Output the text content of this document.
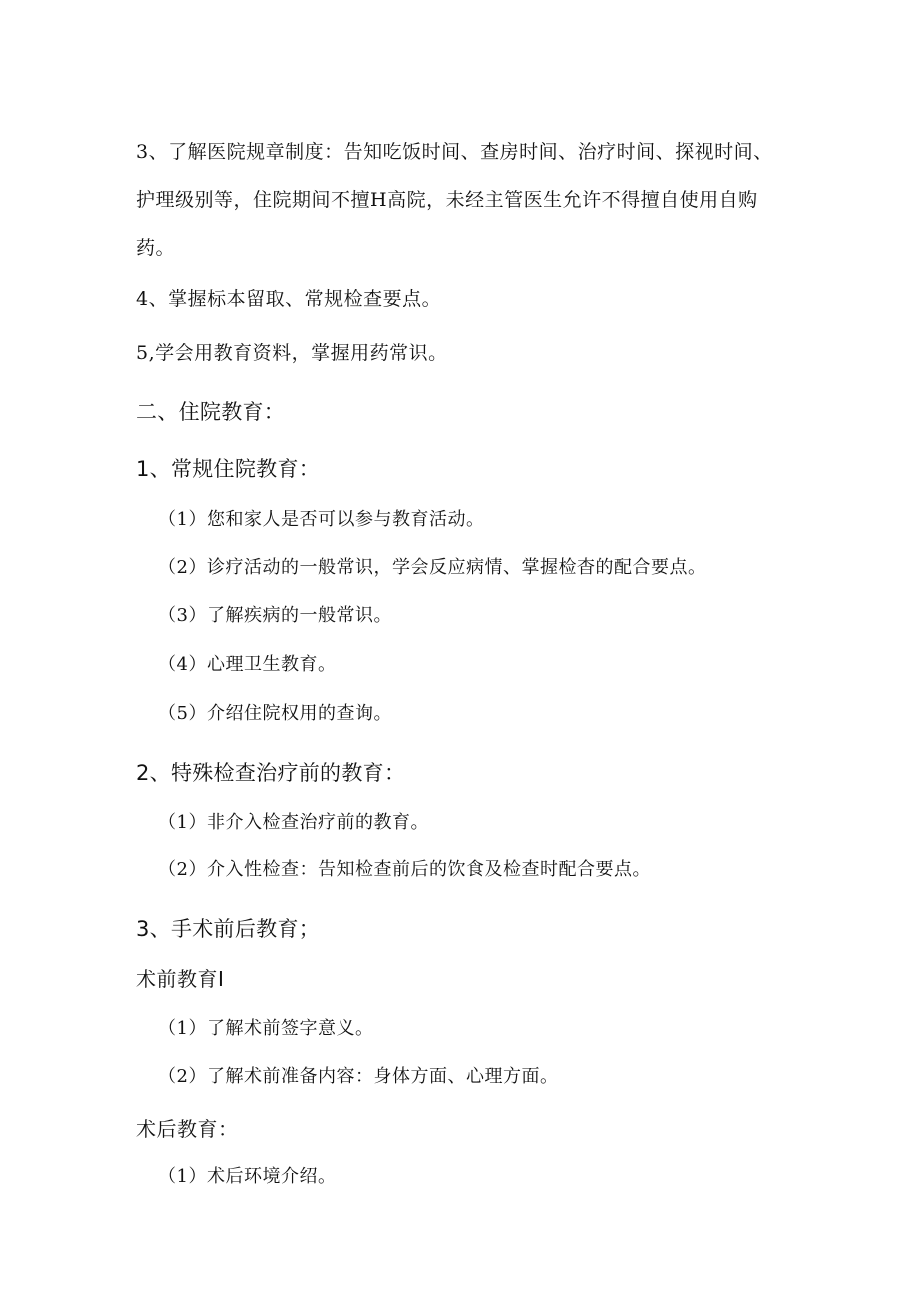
3、了解医院规章制度：告知吃饭时间、查房时间、治疗时间、探视时间、
护理级别等，住院期间不擅H高院，未经主管医生允许不得擅自使用自购
药。
4、掌握标本留取、常规检查要点。
5,学会用教育资料，掌握用药常识。
二、住院教育：
1、常规住院教育：
（1）您和家人是否可以参与教育活动。
（2）诊疗活动的一般常识，学会反应病情、掌握检杳的配合要点。
（3）了解疾病的一般常识。
（4）心理卫生教育。
（5）介绍住院权用的查询。
2、特殊检查治疗前的教育：
（1）非介入检查治疗前的教育。
（2）介入性检查：告知检查前后的饮食及检查时配合要点。
3、手术前后教育；
术前教育I
（1）了解术前签字意义。
（2）了解术前准备内容：身体方面、心理方面。
术后教育：
（1）术后环境介绍。
